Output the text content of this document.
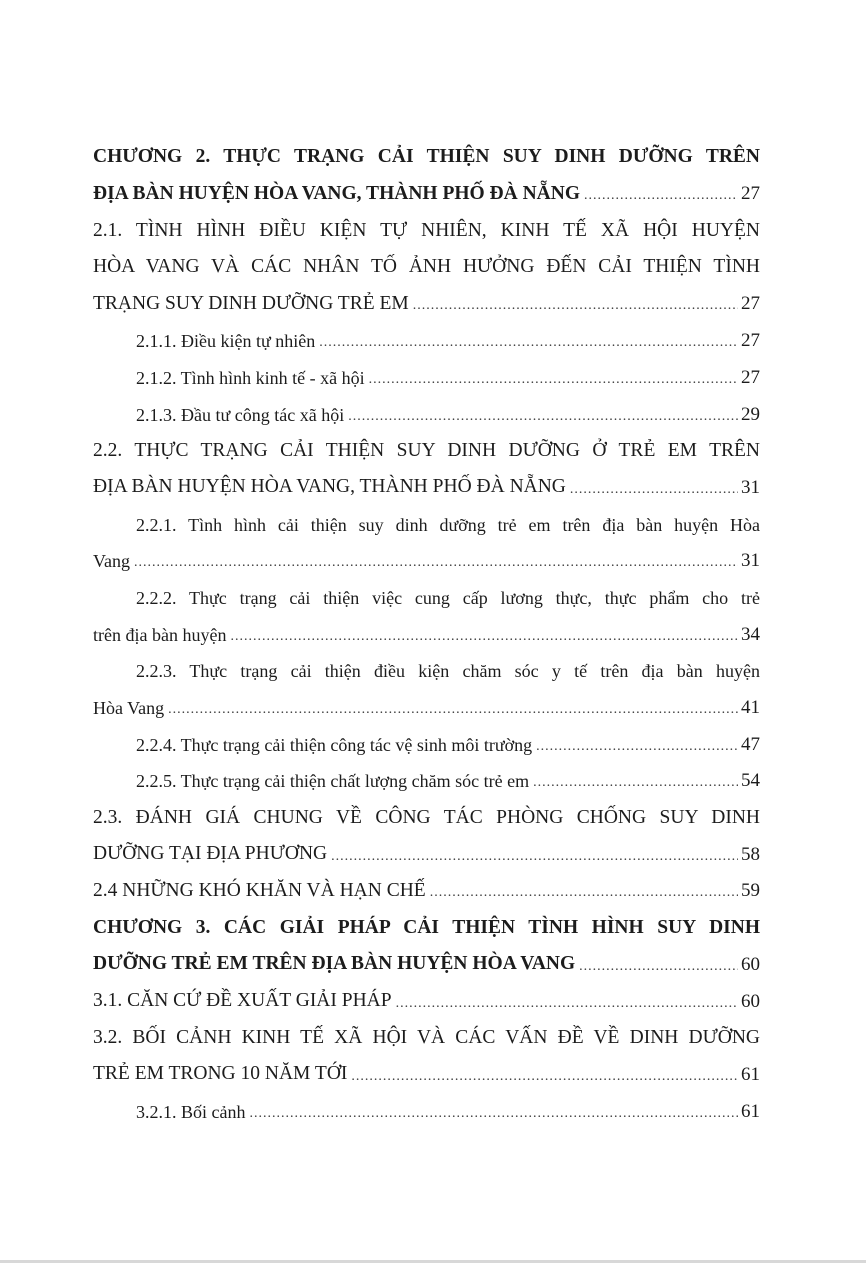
CHƯƠNG 2. THỰC TRẠNG CẢI THIỆN SUY DINH DƯỠNG TRÊN
ĐỊA BÀN HUYỆN HÒA VANG, THÀNH PHỐ ĐÀ NẴNG .....	27
2.1. TÌNH HÌNH ĐIỀU KIỆN TỰ NHIÊN, KINH TẾ XÃ HỘI HUYỆN
HÒA VANG VÀ CÁC NHÂN TỐ ẢNH HƯỞNG ĐẾN CẢI THIỆN TÌNH
TRẠNG SUY DINH DƯỠNG TRẺ EM .....	27
2.1.1. Điều kiện tự nhiên .....	27
2.1.2. Tình hình kinh tế - xã hội .....	27
2.1.3. Đầu tư công tác xã hội .....	29
2.2. THỰC TRẠNG CẢI THIỆN SUY DINH DƯỠNG Ở TRẺ EM TRÊN
ĐỊA BÀN HUYỆN HÒA VANG, THÀNH PHỐ ĐÀ NẴNG .....	31
2.2.1. Tình hình cải thiện suy dinh dưỡng trẻ em trên địa bàn huyện Hòa
Vang .....	31
2.2.2. Thực trạng cải thiện việc cung cấp lương thực, thực phẩm cho trẻ
trên địa bàn huyện .....	34
2.2.3. Thực trạng cải thiện điều kiện chăm sóc y tế trên địa bàn huyện
Hòa Vang .....	41
2.2.4. Thực trạng cải thiện công tác vệ sinh môi trường .....	47
2.2.5. Thực trạng cải thiện chất lượng chăm sóc trẻ em .....	54
2.3. ĐÁNH GIÁ CHUNG VỀ CÔNG TÁC PHÒNG CHỐNG SUY DINH
DƯỠNG TẠI ĐỊA PHƯƠNG .....	58
2.4 NHỮNG KHÓ KHĂN VÀ HẠN CHẾ .....	59
CHƯƠNG 3. CÁC GIẢI PHÁP CẢI THIỆN TÌNH HÌNH SUY DINH
DƯỠNG TRẺ EM TRÊN ĐỊA BÀN HUYỆN HÒA VANG .....	60
3.1. CĂN CỨ ĐỀ XUẤT GIẢI PHÁP .....	60
3.2. BỐI CẢNH KINH TẾ XÃ HỘI VÀ CÁC VẤN ĐỀ VỀ DINH DƯỠNG
TRẺ EM TRONG 10 NĂM TỚI .....	61
3.2.1. Bối cảnh .....	61
